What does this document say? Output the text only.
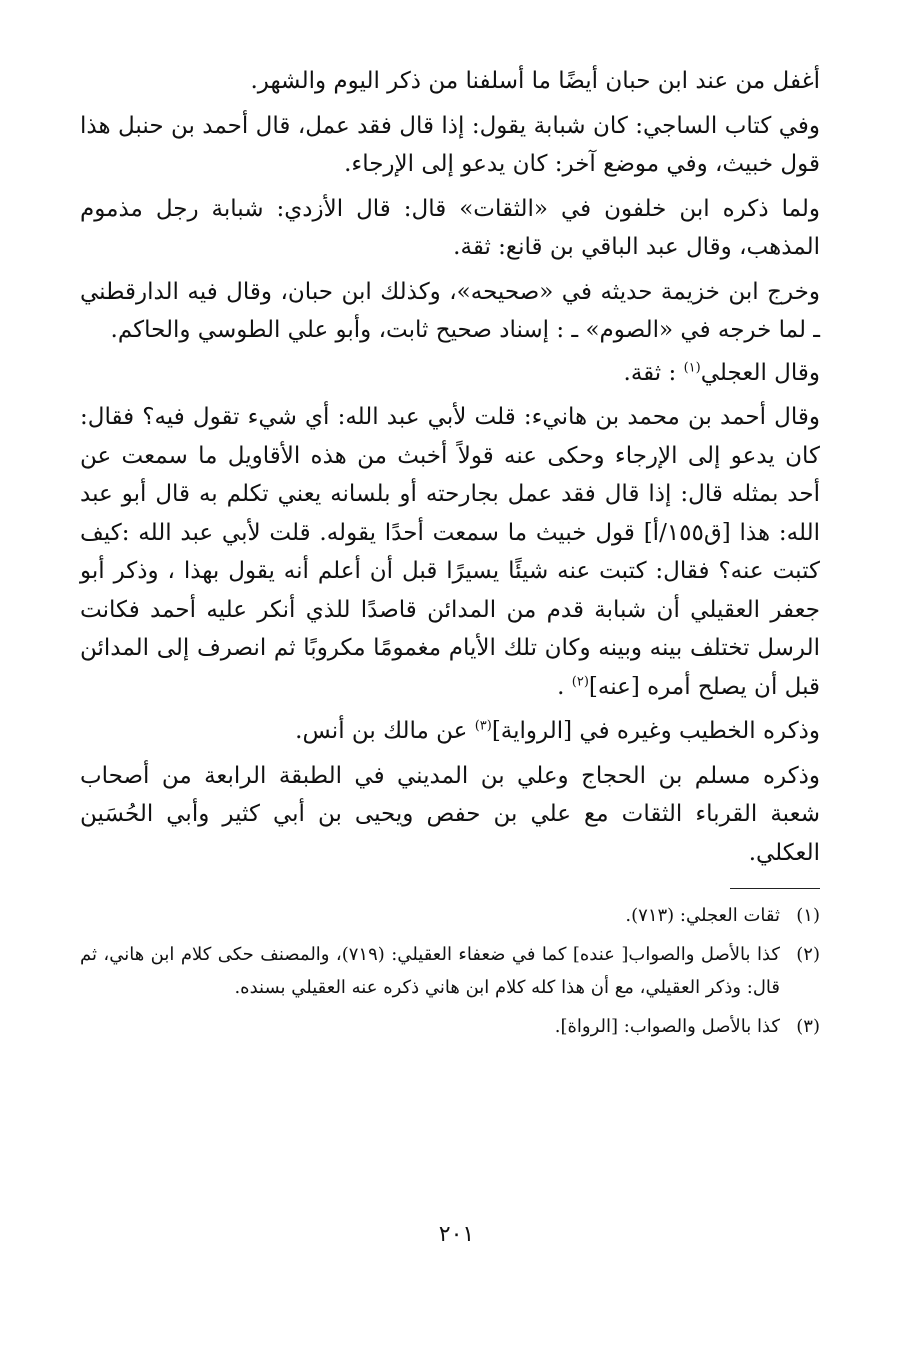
أغفل من عند ابن حبان أيضًا ما أسلفنا من ذكر اليوم والشهر.

وفي كتاب الساجي: كان شبابة يقول: إذا قال فقد عمل، قال أحمد بن حنبل هذا قول خبيث، وفي موضع آخر: كان يدعو إلى الإرجاء.

ولما ذكره ابن خلفون في «الثقات» قال: قال الأزدي: شبابة رجل مذموم المذهب، وقال عبد الباقي بن قانع: ثقة.

وخرج ابن خزيمة حديثه في «صحيحه»، وكذلك ابن حبان، وقال فيه الدارقطني ـ لما خرجه في «الصوم» ـ : إسناد صحيح ثابت، وأبو علي الطوسي والحاكم.

وقال العجلي$^{(١)}$ : ثقة.

وقال أحمد بن محمد بن هانيء: قلت لأبي عبد الله: أي شيء تقول فيه؟ فقال: كان يدعو إلى الإرجاء وحكى عنه قولاً أخبث من هذه الأقاويل ما سمعت عن أحد بمثله قال: إذا قال فقد عمل بجارحته أو بلسانه يعني تكلم به قال أبو عبد الله: هذا [ق١٥٥/أ] قول خبيث ما سمعت أحدًا يقوله. قلت لأبي عبد الله :كيف كتبت عنه؟ فقال: كتبت عنه شيئًا يسيرًا قبل أن أعلم أنه يقول بهذا ، وذكر أبو جعفر العقيلي أن شبابة قدم من المدائن قاصدًا للذي أنكر عليه أحمد فكانت الرسل تختلف بينه وبينه وكان تلك الأيام مغمومًا مكروبًا ثم انصرف إلى المدائن قبل أن يصلح أمره [عنه]$^{(٢)}$ .

وذكره الخطيب وغيره في [الرواية]$^{(٣)}$ عن مالك بن أنس.

وذكره مسلم بن الحجاج وعلي بن المديني في الطبقة الرابعة من أصحاب شعبة القرباء الثقات مع علي بن حفص ويحيى بن أبي كثير وأبي الحُسَين العكلي.

(١)
ثقات العجلي: (٧١٣).
(٢)
كذا بالأصل والصواب[ عنده] كما في ضعفاء العقيلي: (٧١٩)، والمصنف حكى كلام ابن هاني، ثم قال: وذكر العقيلي، مع أن هذا كله كلام ابن هاني ذكره عنه العقيلي بسنده.
(٣)
كذا بالأصل والصواب: [الرواة].
٢٠١
